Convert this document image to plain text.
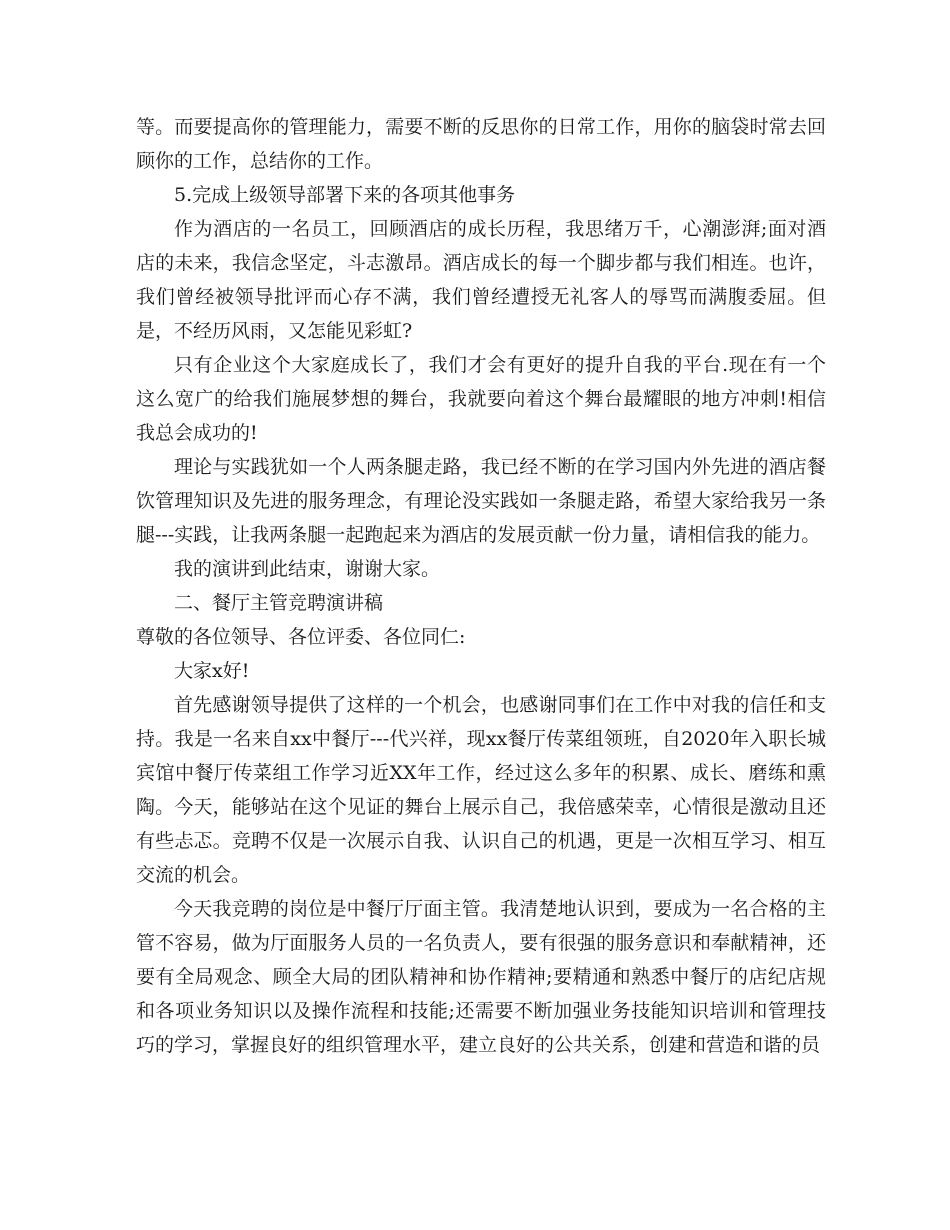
等。而要提高你的管理能力，需要不断的反思你的日常工作，用你的脑袋时常去回顾你的工作，总结你的工作。

5.完成上级领导部署下来的各项其他事务

作为酒店的一名员工，回顾酒店的成长历程，我思绪万千，心潮澎湃;面对酒店的未来，我信念坚定，斗志激昂。酒店成长的每一个脚步都与我们相连。也许，我们曾经被领导批评而心存不满，我们曾经遭授无礼客人的辱骂而满腹委屈。但是，不经历风雨，又怎能见彩虹?

只有企业这个大家庭成长了，我们才会有更好的提升自我的平台.现在有一个这么宽广的给我们施展梦想的舞台，我就要向着这个舞台最耀眼的地方冲刺!相信我总会成功的!

理论与实践犹如一个人两条腿走路，我已经不断的在学习国内外先进的酒店餐饮管理知识及先进的服务理念，有理论没实践如一条腿走路，希望大家给我另一条腿---实践，让我两条腿一起跑起来为酒店的发展贡献一份力量，请相信我的能力。

我的演讲到此结束，谢谢大家。

二、餐厅主管竞聘演讲稿

尊敬的各位领导、各位评委、各位同仁:

大家x好!

首先感谢领导提供了这样的一个机会，也感谢同事们在工作中对我的信任和支持。我是一名来自xx中餐厅---代兴祥，现xx餐厅传菜组领班，自2020年入职长城宾馆中餐厅传菜组工作学习近XX年工作，经过这么多年的积累、成长、磨练和熏陶。今天，能够站在这个见证的舞台上展示自己，我倍感荣幸，心情很是激动且还有些忐忑。竞聘不仅是一次展示自我、认识自己的机遇，更是一次相互学习、相互交流的机会。

今天我竞聘的岗位是中餐厅厅面主管。我清楚地认识到，要成为一名合格的主管不容易，做为厅面服务人员的一名负责人，要有很强的服务意识和奉献精神，还要有全局观念、顾全大局的团队精神和协作精神;要精通和熟悉中餐厅的店纪店规和各项业务知识以及操作流程和技能;还需要不断加强业务技能知识培训和管理技巧的学习，掌握良好的组织管理水平，建立良好的公共关系，创建和营造和谐的员
